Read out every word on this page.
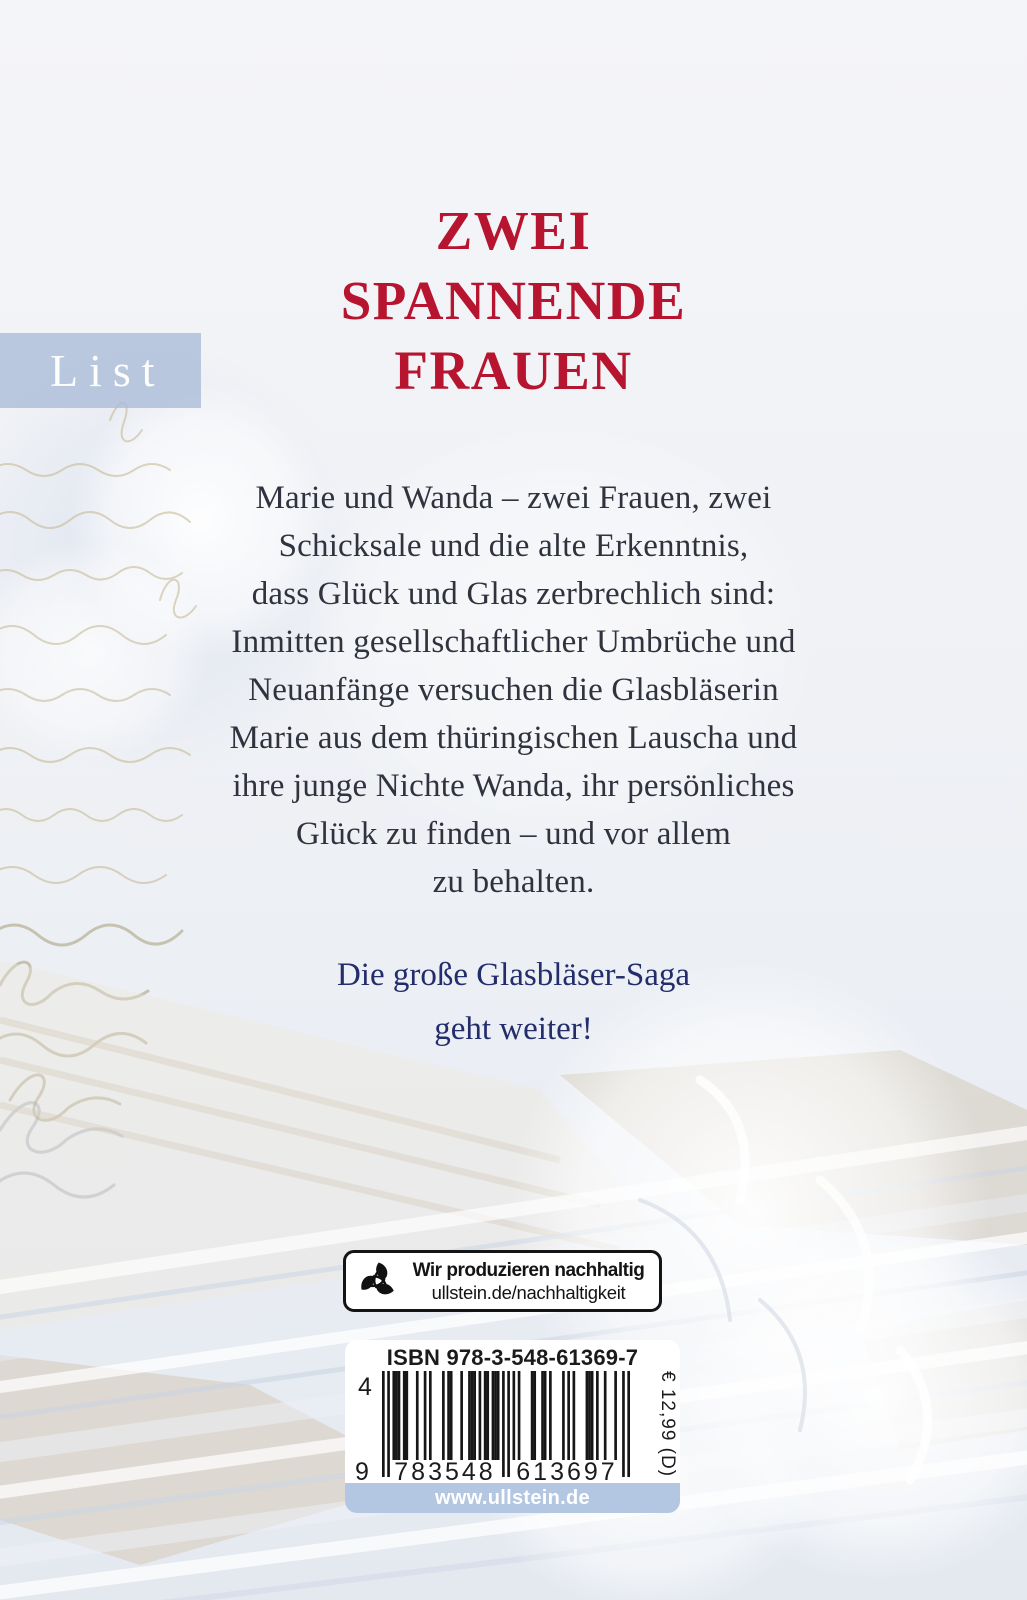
List
ZWEI
SPANNENDE
FRAUEN
Marie und Wanda – zwei Frauen, zwei
Schicksale und die alte Erkenntnis,
dass Glück und Glas zerbrechlich sind:
Inmitten gesellschaftlicher Umbrüche und
Neuanfänge versuchen die Glasbläserin
Marie aus dem thüringischen Lauscha und
ihre junge Nichte Wanda, ihr persönliches
Glück zu finden – und vor allem
zu behalten.
Die große Glasbläser-Saga
geht weiter!
Wir produzieren nachhaltig
ullstein.de/nachhaltigkeit
ISBN 978-3-548-61369-7
4
9 783548 613697 € 12,99 (D)
www.ullstein.de
